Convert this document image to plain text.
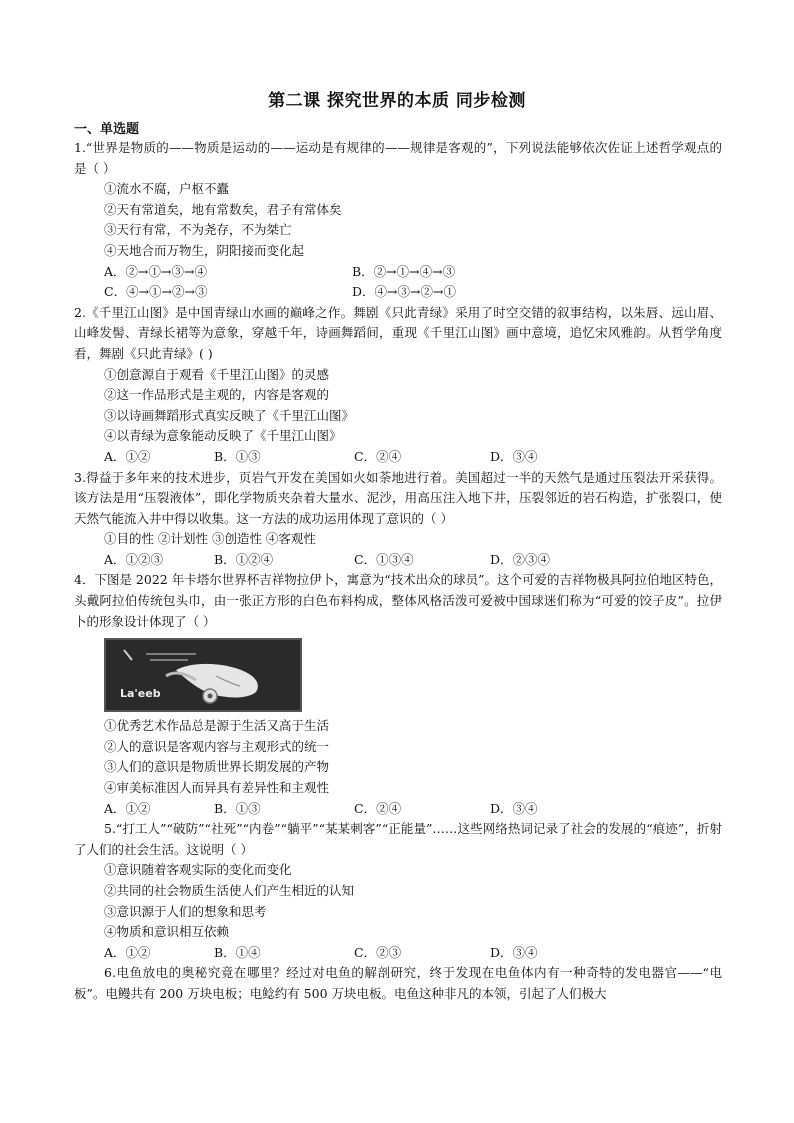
第二课 探究世界的本质 同步检测
一、单选题

1.“世界是物质的——物质是运动的——运动是有规律的——规律是客观的”，下列说法能够依次佐证上述哲学观点的是（ ）

①流水不腐，户枢不蠹

②天有常道矣，地有常数矣，君子有常体矣

③天行有常，不为尧存，不为桀亡

④天地合而万物生，阴阳接而变化起

A．②→①→③→④	B．②→①→④→③
C．④→①→②→③	D．④→③→②→①

2.《千里江山图》是中国青绿山水画的巅峰之作。舞剧《只此青绿》采用了时空交错的叙事结构，以朱唇、远山眉、山峰发髻、青绿长裙等为意象，穿越千年，诗画舞蹈间，重现《千里江山图》画中意境，追忆宋风雅韵。从哲学角度看，舞剧《只此青绿》( )

①创意源自于观看《千里江山图》的灵感

②这一作品形式是主观的，内容是客观的

③以诗画舞蹈形式真实反映了《千里江山图》

④以青绿为意象能动反映了《千里江山图》

A．①②	B．①③	C．②④	D．③④

3.得益于多年来的技术进步，页岩气开发在美国如火如荼地进行着。美国超过一半的天然气是通过压裂法开采获得。该方法是用“压裂液体”，即化学物质夹杂着大量水、泥沙，用高压注入地下井，压裂邻近的岩石构造，扩张裂口，使天然气能流入井中得以收集。这一方法的成功运用体现了意识的（ ）

①目的性 ②计划性 ③创造性 ④客观性

A．①②③	B．①②④	C．①③④	D．②③④

4．下图是 2022 年卡塔尔世界杯吉祥物拉伊卜，寓意为“技术出众的球员”。这个可爱的吉祥物极具阿拉伯地区特色，头戴阿拉伯传统包头巾，由一张正方形的白色布料构成，整体风格活泼可爱被中国球迷们称为“可爱的饺子皮”。拉伊卜的形象设计体现了（ ）

La'eeb

①优秀艺术作品总是源于生活又高于生活

②人的意识是客观内容与主观形式的统一

③人们的意识是物质世界长期发展的产物

④审美标准因人而异具有差异性和主观性

A．①②	B．①③	C．②④	D．③④

5.“打工人”“破防”“社死”“内卷”“躺平”“某某刺客”“正能量”……这些网络热词记录了社会的发展的“痕迹”，折射了人们的社会生活。这说明（ ）

①意识随着客观实际的变化而变化

②共同的社会物质生活使人们产生相近的认知

③意识源于人们的想象和思考

④物质和意识相互依赖

A．①②	B．①④	C．②③	D．③④

6.电鱼放电的奥秘究竟在哪里？经过对电鱼的解剖研究，终于发现在电鱼体内有一种奇特的发电器官——“电板”。电鳗共有 200 万块电板；电鲶约有 500 万块电板。电鱼这种非凡的本领，引起了人们极大
